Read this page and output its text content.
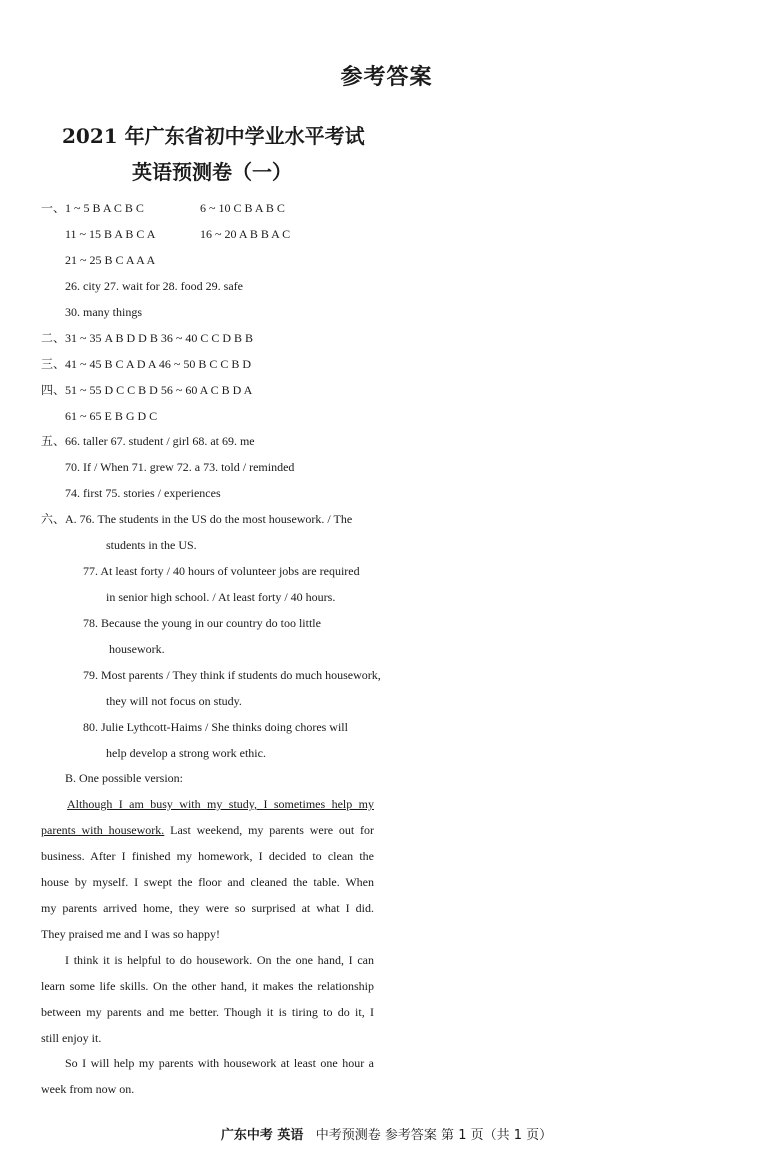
参考答案
2021 年广东省初中学业水平考试
英语预测卷（一）
一、1 ~ 5 B A C B C	6 ~ 10 C B A B C
11 ~ 15 B A B C A	16 ~ 20 A B B A C
21 ~ 25 B C A A A
26. city 27. wait for 28. food 29. safe
30. many things
二、31 ~ 35 A B D D B 36 ~ 40 C C D B B
三、41 ~ 45 B C A D A 46 ~ 50 B C C B D
四、51 ~ 55 D C C B D 56 ~ 60 A C B D A
61 ~ 65 E B G D C
五、66. taller 67. student / girl 68. at 69. me
70. If / When 71. grew 72. a 73. told / reminded
74. first 75. stories / experiences
六、A. 76. The students in the US do the most housework. / The
students in the US.
77. At least forty / 40 hours of volunteer jobs are required
in senior high school. / At least forty / 40 hours.
78. Because the young in our country do too little
housework.
79. Most parents / They think if students do much housework,
they will not focus on study.
80. Julie Lythcott-Haims / She thinks doing chores will
help develop a strong work ethic.
B. One possible version:
Although I am busy with my study, I sometimes help my
parents with housework. Last weekend, my parents were out for
business. After I finished my homework, I decided to clean the
house by myself. I swept the floor and cleaned the table. When
my parents arrived home, they were so surprised at what I did.
They praised me and I was so happy!
I think it is helpful to do housework. On the one hand, I can
learn some life skills. On the other hand, it makes the relationship
between my parents and me better. Though it is tiring to do it, I
still enjoy it.
So I will help my parents with housework at least one hour a
week from now on.
广东中考 英语 中考预测卷 参考答案 第 1 页（共 1 页）
